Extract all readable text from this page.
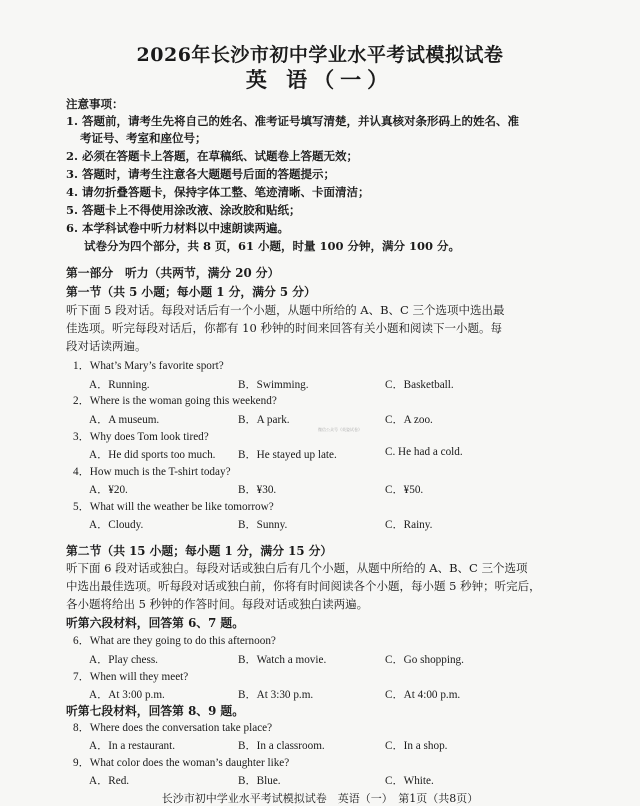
2026年长沙市初中学业水平考试模拟试卷
英 语（一）
注意事项：
1. 答题前，请考生先将自己的姓名、准考证号填写清楚，并认真核对条形码上的姓名、准
考证号、考室和座位号；
2. 必须在答题卡上答题，在草稿纸、试题卷上答题无效；
3. 答题时，请考生注意各大题题号后面的答题提示；
4. 请勿折叠答题卡，保持字体工整、笔迹清晰、卡面清洁；
5. 答题卡上不得使用涂改液、涂改胶和贴纸；
6. 本学科试卷中听力材料以中速朗读两遍。
试卷分为四个部分，共 8 页，61 小题，时量 100 分钟，满分 100 分。
第一部分　听力（共两节，满分 20 分）
第一节（共 5 小题；每小题 1 分，满分 5 分）
听下面 5 段对话。每段对话后有一个小题，从题中所给的 A、B、C 三个选项中选出最
佳选项。听完每段对话后，你都有 10 秒钟的时间来回答有关小题和阅读下一小题。每
段对话读两遍。
1．What’s Mary’s favorite sport?
A．Running.	B．Swimming.	C．Basketball.
2．Where is the woman going this weekend?
A．A museum.	B．A park.	C．A zoo.
微信公众号《英姿试卷》
3．Why does Tom look tired?
A．He did sports too much. B．He stayed up late.	C. He had a cold.
4．How much is the T-shirt today?
A．¥20.	B．¥30.	C．¥50.
5．What will the weather be like tomorrow?
A．Cloudy.	B．Sunny.	C．Rainy.
第二节（共 15 小题；每小题 1 分，满分 15 分）
听下面 6 段对话或独白。每段对话或独白后有几个小题，从题中所给的 A、B、C 三个选项
中选出最佳选项。听每段对话或独白前，你将有时间阅读各个小题，每小题 5 秒钟；听完后，
各小题将给出 5 秒钟的作答时间。每段对话或独白读两遍。
听第六段材料，回答第 6、7 题。
6．What are they going to do this afternoon?
A．Play chess.	B．Watch a movie.	C．Go shopping.
7．When will they meet?
A．At 3:00 p.m.	B．At 3:30 p.m.	C．At 4:00 p.m.
听第七段材料，回答第 8、9 题。
8．Where does the conversation take place?
A．In a restaurant.	B．In a classroom.	C．In a shop.
9．What color does the woman’s daughter like?
A．Red.	B．Blue.	C．White.
长沙市初中学业水平考试模拟试卷　英语（一）　第1页（共8页）
